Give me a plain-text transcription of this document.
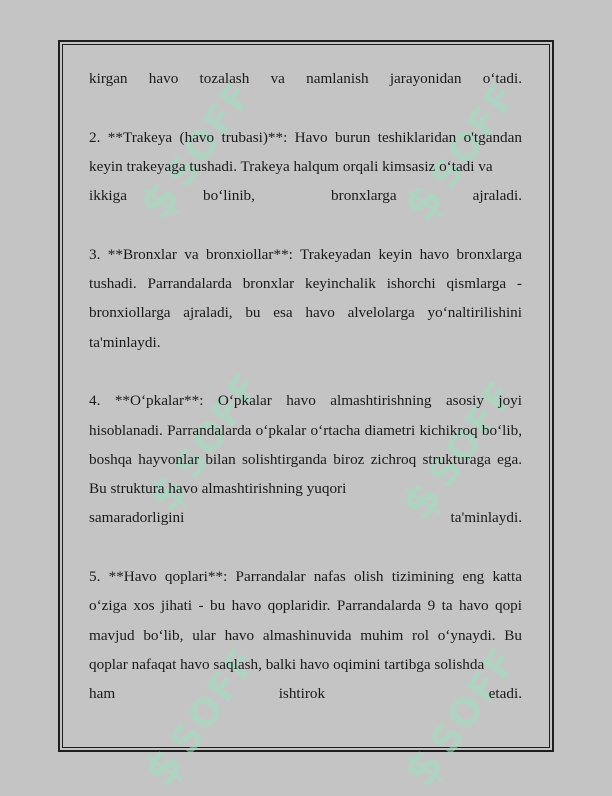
$SOFF
$SOFF
$SOFF
$SOFF
$SOFF
$SOFF

kirgan havo tozalash va namlanish jarayonidan o‘tadi.

2. **Trakeya (havo trubasi)**: Havo burun teshiklaridan o'tgandan keyin trakeyaga tushadi. Trakeya halqum orqali kimsasiz o‘tadi va
ikkiga bo‘linib, bronxlarga ajraladi.

3. **Bronxlar va bronxiollar**: Trakeyadan keyin havo bronxlarga tushadi. Parrandalarda bronxlar keyinchalik ishorchi qismlarga - bronxiollarga ajraladi, bu esa havo alvelolarga yo‘naltirilishini ta'minlaydi.

4. **O‘pkalar**: O‘pkalar havo almashtirishning asosiy joyi hisoblanadi. Parrandalarda o‘pkalar o‘rtacha diametri kichikroq bo‘lib, boshqa hayvonlar bilan solishtirganda biroz zichroq strukturaga ega. Bu struktura havo almashtirishning yuqori
samaradorligini ta'minlaydi.

5. **Havo qoplari**: Parrandalar nafas olish tizimining eng katta o‘ziga xos jihati - bu havo qoplaridir. Parrandalarda 9 ta havo qopi mavjud bo‘lib, ular havo almashinuvida muhim rol o‘ynaydi. Bu qoplar nafaqat havo saqlash, balki havo oqimini tartibga solishda
ham ishtirok etadi.
